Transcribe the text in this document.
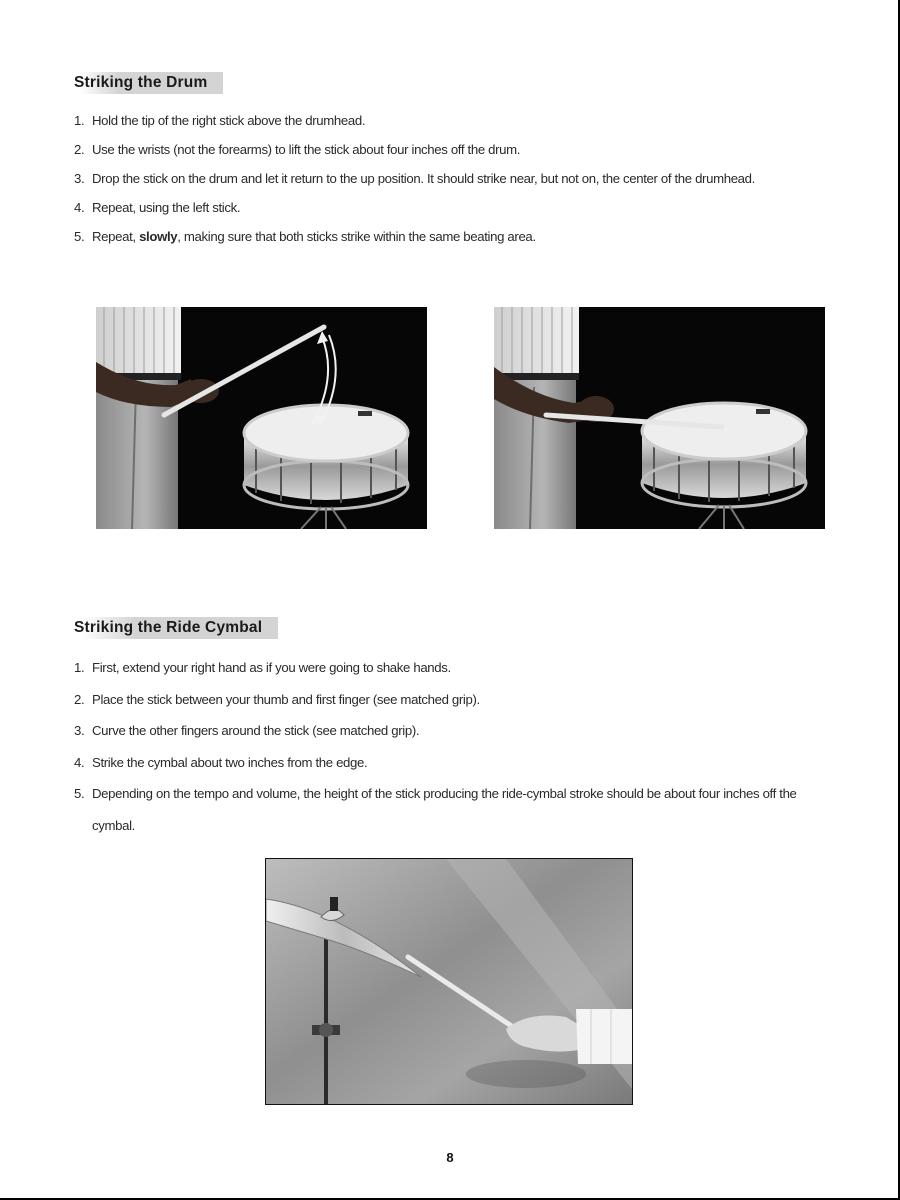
Striking the Drum
1. Hold the tip of the right stick above the drumhead.
2. Use the wrists (not the forearms) to lift the stick about four inches off the drum.
3. Drop the stick on the drum and let it return to the up position. It should strike near, but not on, the center of the drumhead.
4. Repeat, using the left stick.
5. Repeat, slowly, making sure that both sticks strike within the same beating area.
Striking the Ride Cymbal
1. First, extend your right hand as if you were going to shake hands.
2. Place the stick between your thumb and first finger (see matched grip).
3. Curve the other fingers around the stick (see matched grip).
4. Strike the cymbal about two inches from the edge.
5. Depending on the tempo and volume, the height of the stick producing the ride-cymbal stroke should be about four inches off the cymbal.
8
